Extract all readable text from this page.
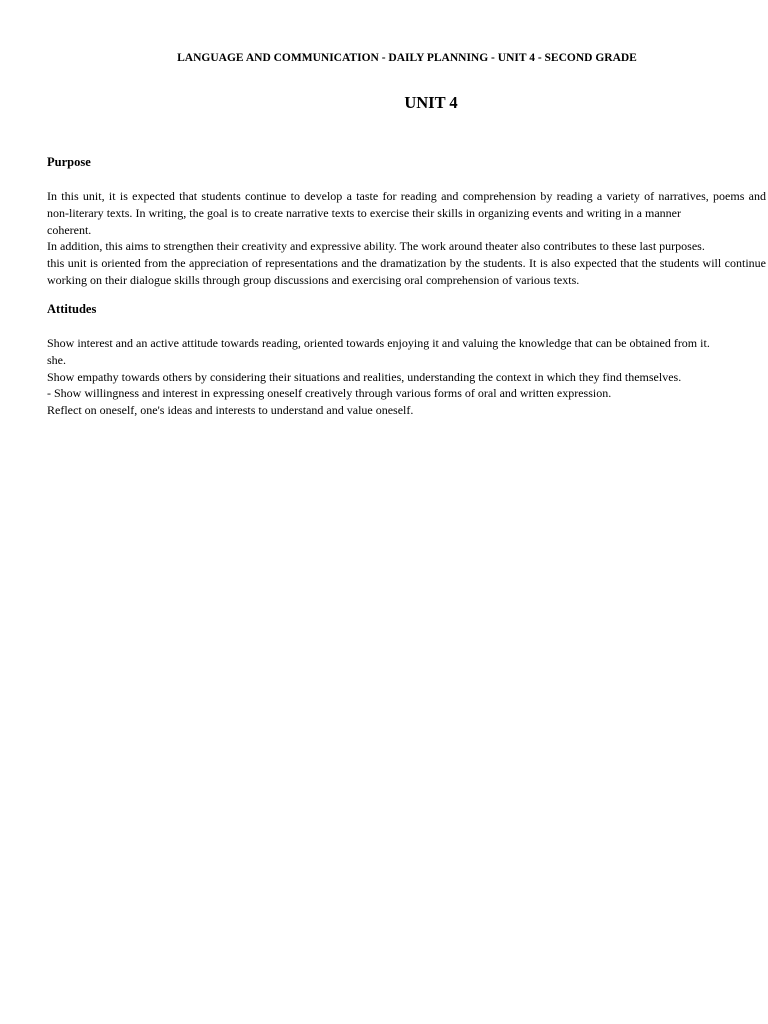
LANGUAGE AND COMMUNICATION - DAILY PLANNING - UNIT 4 - SECOND GRADE
UNIT 4
Purpose
In this unit, it is expected that students continue to develop a taste for reading and comprehension by reading a variety of narratives, poems and
non-literary texts. In writing, the goal is to create narrative texts to exercise their skills in organizing events and writing in a manner
coherent.
In addition, this aims to strengthen their creativity and expressive ability. The work around theater also contributes to these last purposes.
this unit is oriented from the appreciation of representations and the dramatization by the students. It is also expected that the students will continue
working on their dialogue skills through group discussions and exercising oral comprehension of various texts.
Attitudes
Show interest and an active attitude towards reading, oriented towards enjoying it and valuing the knowledge that can be obtained from it.
she.
Show empathy towards others by considering their situations and realities, understanding the context in which they find themselves.
- Show willingness and interest in expressing oneself creatively through various forms of oral and written expression.
Reflect on oneself, one's ideas and interests to understand and value oneself.
